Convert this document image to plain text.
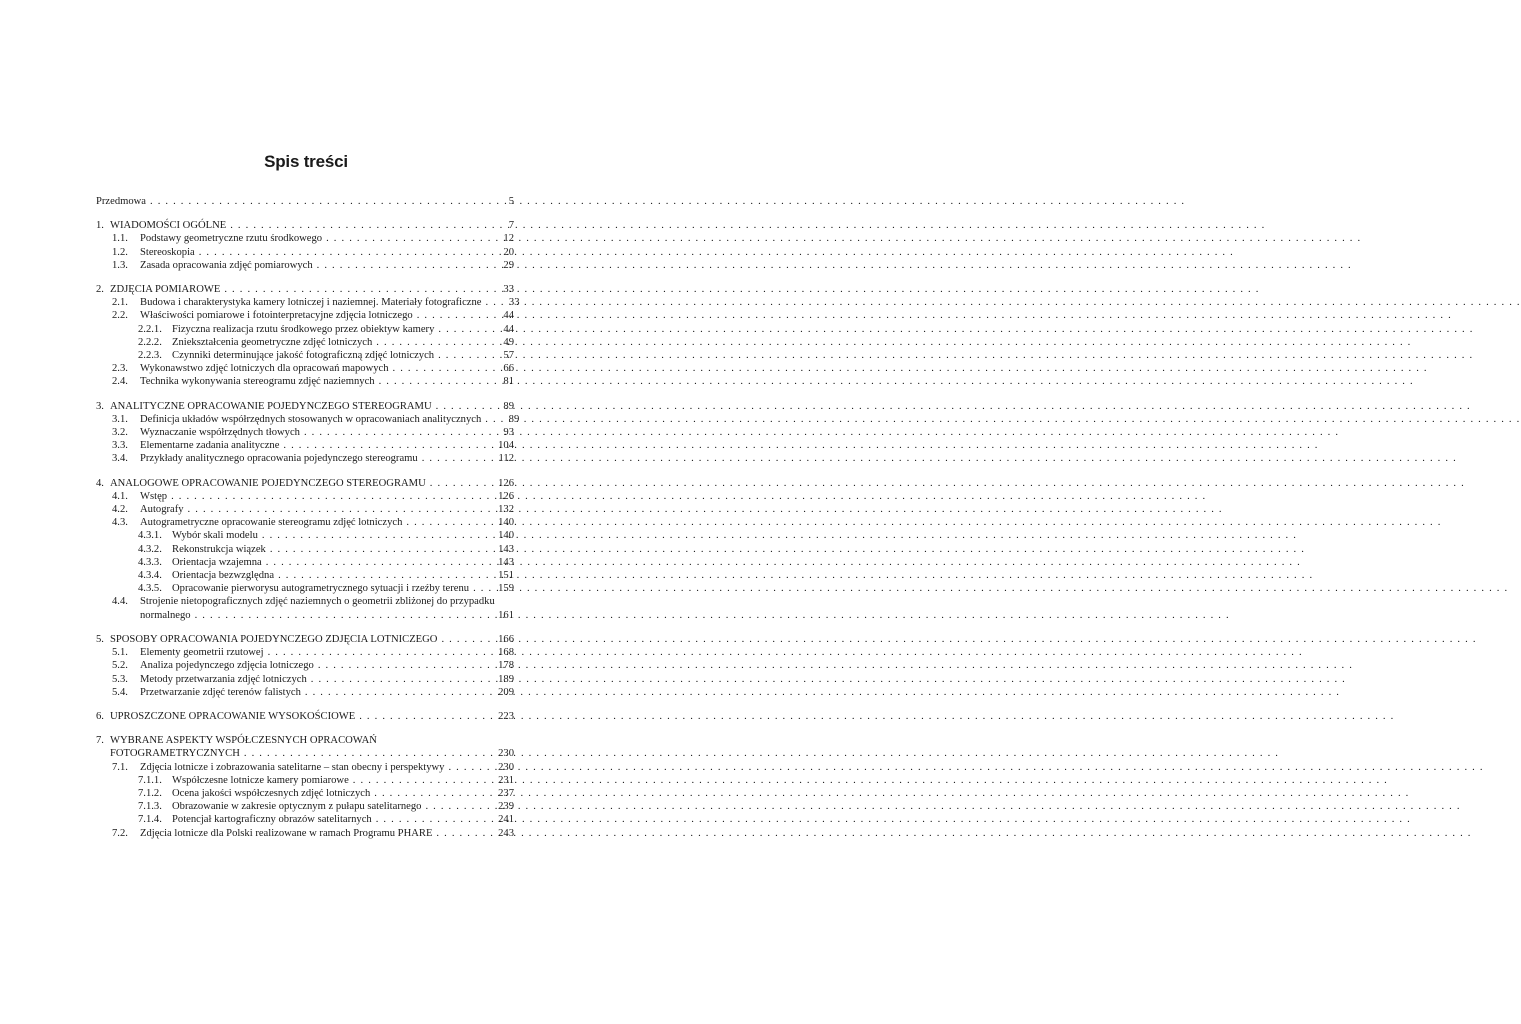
Spis treści
Przedmowa . . .	5
1. WIADOMOŚCI OGÓLNE . . .	7
1.1.	Podstawy geometryczne rzutu środkowego . . .	12
1.2.	Stereoskopia . . .	20
1.3.	Zasada opracowania zdjęć pomiarowych . . .	29
2. ZDJĘCIA POMIAROWE . . .	33
2.1.	Budowa i charakterystyka kamery lotniczej i naziemnej. Materiały fotograficzne . . .	33
2.2.	Właściwości pomiarowe i fotointerpretacyjne zdjęcia lotniczego . . .	44
2.2.1. Fizyczna realizacja rzutu środkowego przez obiektyw kamery . . .	44
2.2.2. Zniekształcenia geometryczne zdjęć lotniczych . . .	49
2.2.3. Czynniki determinujące jakość fotograficzną zdjęć lotniczych . . .	57
2.3.	Wykonawstwo zdjęć lotniczych dla opracowań mapowych . . .	66
2.4.	Technika wykonywania stereogramu zdjęć naziemnych . . .	81
3. ANALITYCZNE OPRACOWANIE POJEDYNCZEGO STEREOGRAMU . . .	89
3.1.	Definicja układów współrzędnych stosowanych w opracowaniach analitycznych . . .	89
3.2.	Wyznaczanie współrzędnych tłowych . . .	93
3.3.	Elementarne zadania analityczne . . .	104
3.4.	Przykłady analitycznego opracowania pojedynczego stereogramu . . .	112
4. ANALOGOWE OPRACOWANIE POJEDYNCZEGO STEREOGRAMU . . .	126
4.1.	Wstęp . . .	126
4.2.	Autografy . . .	132
4.3.	Autogrametryczne opracowanie stereogramu zdjęć lotniczych . . .	140
4.3.1. Wybór skali modelu . . .	140
4.3.2. Rekonstrukcja wiązek . . .	143
4.3.3. Orientacja wzajemna . . .	143
4.3.4. Orientacja bezwzględna . . .	151
4.3.5. Opracowanie pierworysu autogrametrycznego sytuacji i rzeźby terenu . . .	159
4.4.	Strojenie nietopograficznych zdjęć naziemnych o geometrii zbliżonej do przypadku
normalnego . . .	161
5. SPOSOBY OPRACOWANIA POJEDYNCZEGO ZDJĘCIA LOTNICZEGO . . .	166
5.1.	Elementy geometrii rzutowej . . .	168
5.2.	Analiza pojedynczego zdjęcia lotniczego . . .	178
5.3.	Metody przetwarzania zdjęć lotniczych . . .	189
5.4.	Przetwarzanie zdjęć terenów falistych . . .	209
6. UPROSZCZONE OPRACOWANIE WYSOKOŚCIOWE . . .	223
7. WYBRANE ASPEKTY WSPÓŁCZESNYCH OPRACOWAŃ
FOTOGRAMETRYCZNYCH . . .	230
7.1.	Zdjęcia lotnicze i zobrazowania satelitarne – stan obecny i perspektywy . . .	230
7.1.1. Współczesne lotnicze kamery pomiarowe . . .	231
7.1.2. Ocena jakości współczesnych zdjęć lotniczych . . .	237
7.1.3. Obrazowanie w zakresie optycznym z pułapu satelitarnego . . .	239
7.1.4. Potencjał kartograficzny obrazów satelitarnych . . .	241
7.2.	Zdjęcia lotnicze dla Polski realizowane w ramach Programu PHARE . . .	243
